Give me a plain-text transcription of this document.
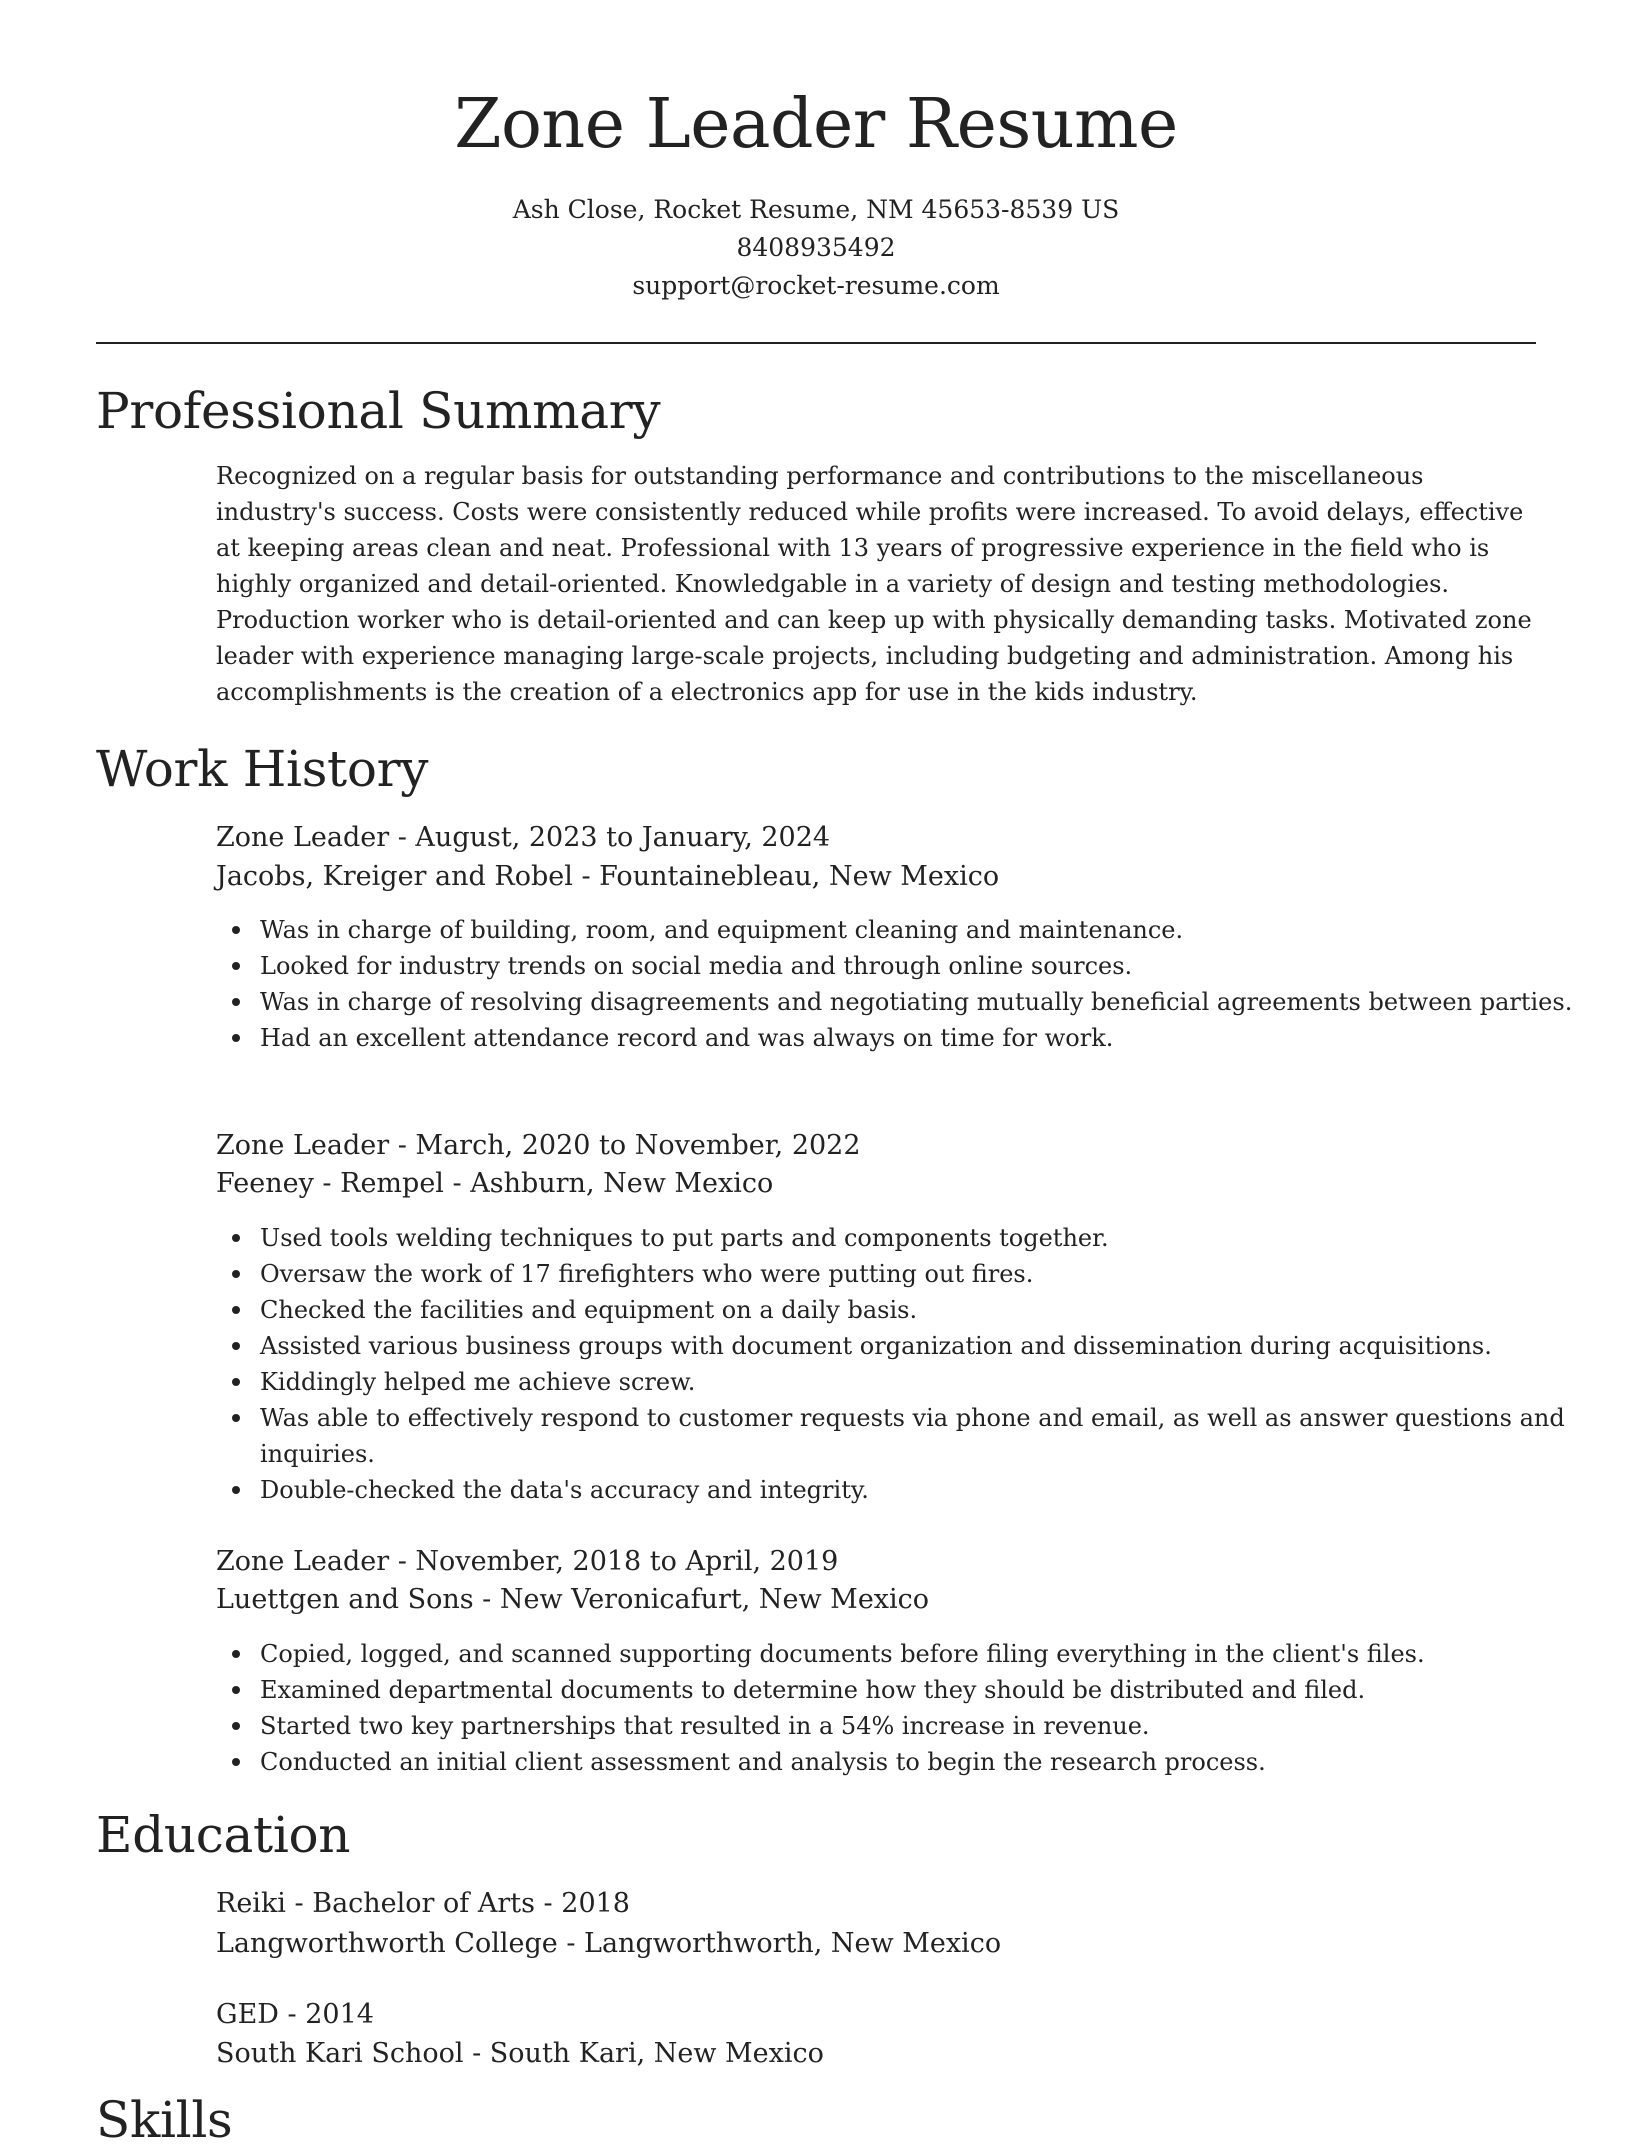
Zone Leader Resume
Ash Close, Rocket Resume, NM 45653-8539 US
8408935492
support@rocket-resume.com
Professional Summary

Recognized on a regular basis for outstanding performance and contributions to the miscellaneous industry's success. Costs were consistently reduced while profits were increased. To avoid delays, effective at keeping areas clean and neat. Professional with 13 years of progressive experience in the field who is highly organized and detail-oriented. Knowledgable in a variety of design and testing methodologies. Production worker who is detail-oriented and can keep up with physically demanding tasks. Motivated zone leader with experience managing large-scale projects, including budgeting and administration. Among his accomplishments is the creation of a electronics app for use in the kids industry.

Work History
Zone Leader - August, 2023 to January, 2024
Jacobs, Kreiger and Robel - Fountainebleau, New Mexico
Was in charge of building, room, and equipment cleaning and maintenance.
Looked for industry trends on social media and through online sources.
Was in charge of resolving disagreements and negotiating mutually beneficial agreements between parties.
Had an excellent attendance record and was always on time for work.
Zone Leader - March, 2020 to November, 2022
Feeney - Rempel - Ashburn, New Mexico
Used tools welding techniques to put parts and components together.
Oversaw the work of 17 firefighters who were putting out fires.
Checked the facilities and equipment on a daily basis.
Assisted various business groups with document organization and dissemination during acquisitions.
Kiddingly helped me achieve screw.
Was able to effectively respond to customer requests via phone and email, as well as answer questions and inquiries.
Double-checked the data's accuracy and integrity.
Zone Leader - November, 2018 to April, 2019
Luettgen and Sons - New Veronicafurt, New Mexico
Copied, logged, and scanned supporting documents before filing everything in the client's files.
Examined departmental documents to determine how they should be distributed and filed.
Started two key partnerships that resulted in a 54% increase in revenue.
Conducted an initial client assessment and analysis to begin the research process.
Education
Reiki - Bachelor of Arts - 2018
Langworthworth College - Langworthworth, New Mexico
GED - 2014
South Kari School - South Kari, New Mexico
Skills
